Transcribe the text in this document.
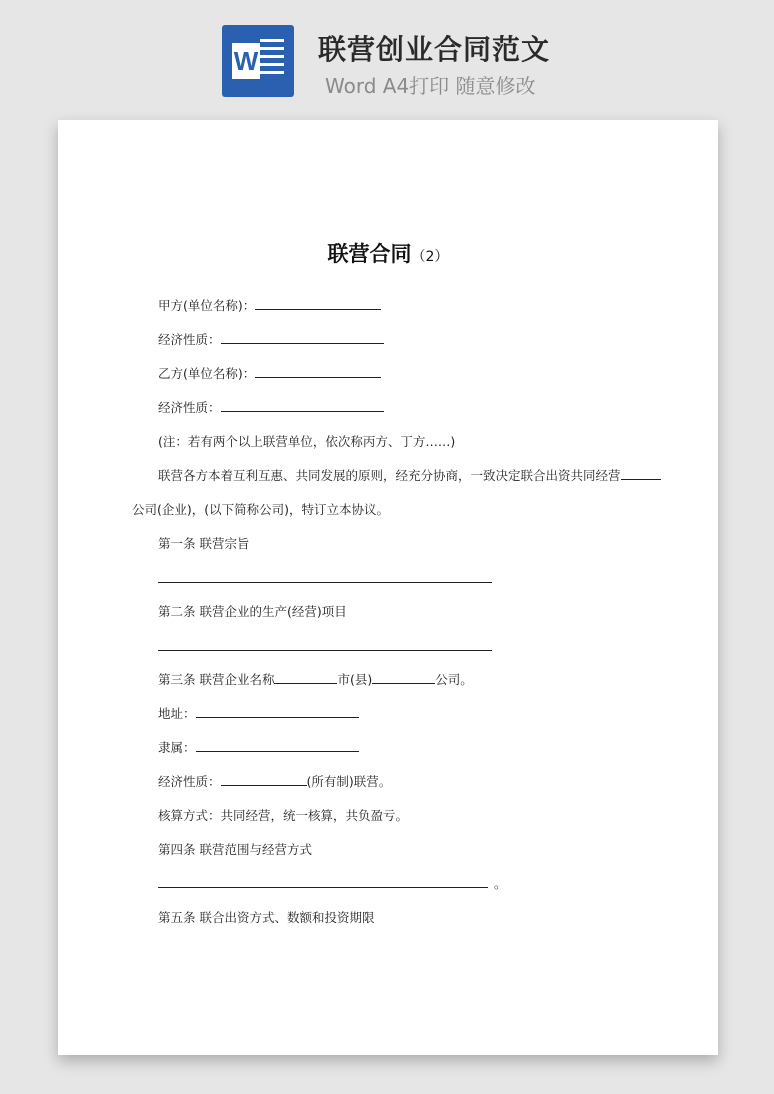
W 联营创业合同范文
Word A4打印 随意修改
联营合同（2）
甲方(单位名称)：
经济性质：
乙方(单位名称)：
经济性质：
(注：若有两个以上联营单位，依次称丙方、丁方……)
联营各方本着互利互惠、共同发展的原则，经充分协商，一致决定联合出资共同经营
公司(企业)，(以下简称公司)，特订立本协议。
第一条 联营宗旨
第二条 联营企业的生产(经营)项目
第三条 联营企业名称	市(县)	公司。
地址：
隶属：
经济性质：	(所有制)联营。
核算方式：共同经营，统一核算，共负盈亏。
第四条 联营范围与经营方式
。
第五条 联合出资方式、数额和投资期限
